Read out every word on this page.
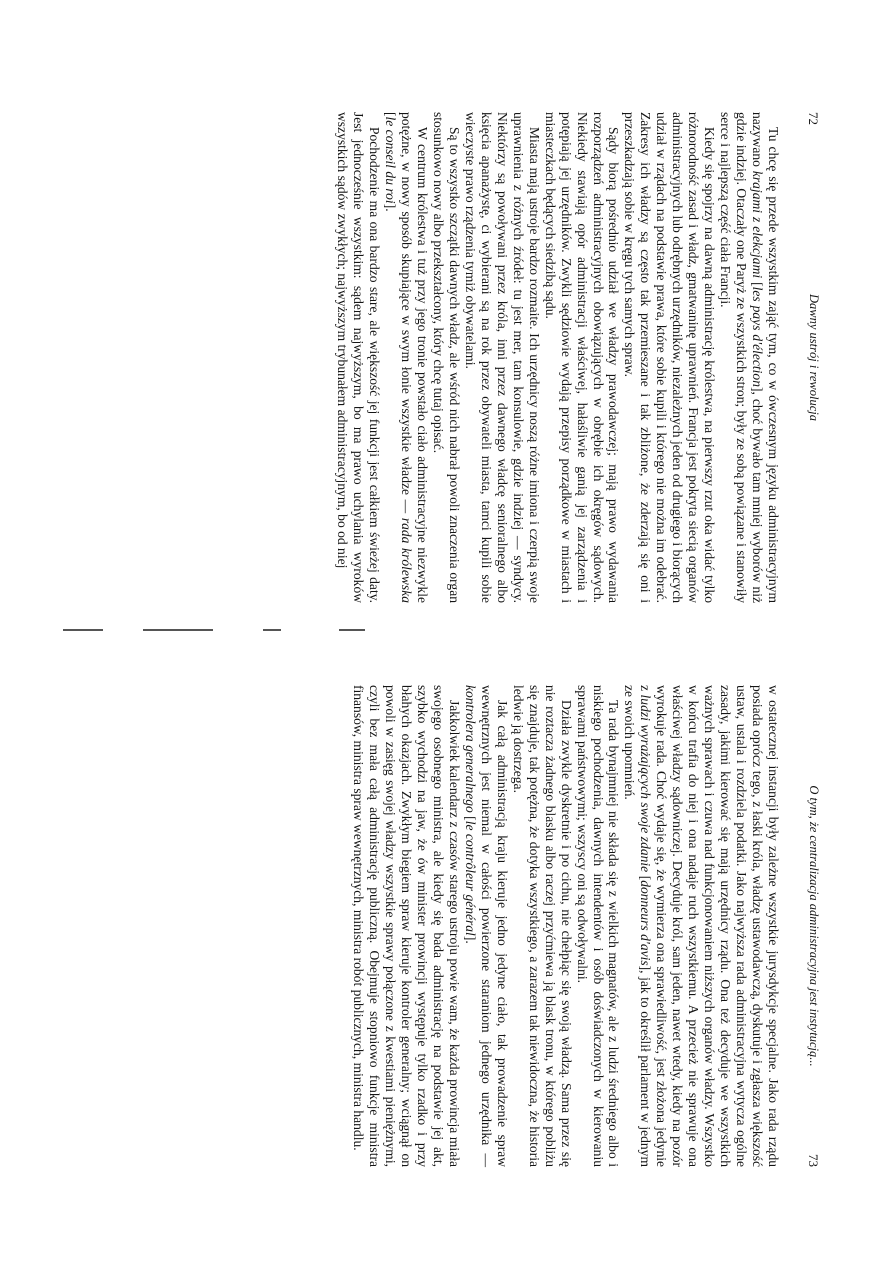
72
Dawny ustrój i rewolucja

Tu chcę się przede wszystkim zająć tym, co w ówczesnym języku administracyjnym nazywano krajami z elekcjami [les pays d'élection], choć bywało tam mniej wyborów niż gdzie indziej. Otaczały one Paryż ze wszystkich stron; były ze sobą powiązane i stanowiły serce i najlepszą część ciała Francji.

Kiedy się spojrzy na dawną administrację królestwa, na pierwszy rzut oka widać tylko różnorodność zasad i władz, gmatwaninę uprawnień. Francja jest pokryta siecią organów administracyjnych lub odrębnych urzędników, niezależnych jeden od drugiego i biorących udział w rządach na podstawie prawa, które sobie kupili i którego nie można im odebrać. Zakresy ich władzy są często tak przemieszane i tak zbliżone, że zderzają się oni i przeszkadzają sobie w kręgu tych samych spraw.

Sądy biorą pośrednio udział we władzy prawodawczej; mają prawo wydawania rozporządzeń administracyjnych obowiązujących w obrębie ich okręgów sądowych. Niekiedy stawiają opór administracji właściwej, hałaśliwie ganią jej zarządzenia i potępiają jej urzędników. Zwykli sędziowie wydają przepisy porządkowe w miastach i miasteczkach będących siedzibą sądu.

Miasta mają ustroje bardzo rozmaite. Ich urzędnicy noszą różne imiona i czerpią swoje uprawnienia z różnych źródeł: tu jest mer, tam konsulowie, gdzie indziej — syndycy. Niektórzy są powoływani przez króla, inni przez dawnego władcę senioralnego albo księcia apanażystę, ci wybierani są na rok przez obywateli miasta, tamci kupili sobie wieczyste prawo rządzenia tymiż obywatelami.

Są to wszystko szczątki dawnych władz, ale wśród nich nabrał powoli znaczenia organ stosunkowo nowy albo przekształcony, który chcę tutaj opisać.

W centrum królestwa i tuż przy jego tronie powstało ciało administracyjne niezwykle potężne, w nowy sposób skupiające w swym łonie wszystkie władze — rada królewska [le conseil du roi].

Pochodzenie ma ona bardzo stare, ale większość jej funkcji jest całkiem świeżej daty. Jest jednocześnie wszystkim: sądem najwyższym, bo ma prawo uchylania wyroków wszystkich sądów zwykłych; najwyższym trybunałem administracyjnym, bo od niej

O tym, że centralizacja administracyjna jest instytucją...
73

w ostatecznej instancji były zależne wszystkie jurysdykcje specjalne. Jako rada rządu posiada oprócz tego, z łaski króla, władzę ustawodawczą, dyskutuje i zgłasza większość ustaw, ustala i rozdziela podatki. Jako najwyższa rada administracyjna wytycza ogólne zasady, jakimi kierować się mają urzędnicy rządu. Ona też decyduje we wszystkich ważnych sprawach i czuwa nad funkcjonowaniem niższych organów władzy. Wszystko w końcu trafia do niej i ona nadaje ruch wszystkiemu. A przecież nie sprawuje ona właściwej władzy sądowniczej. Decyduje król, sam jeden, nawet wtedy, kiedy na pozór wyrokuje rada. Choć wydaje się, że wymierza ona sprawiedliwość, jest złożona jedynie z ludzi wyrażających swoje zdanie [donneurs d'avis], jak to określił parlament w jednym ze swoich upomnień.

Ta rada bynajmniej nie składa się z wielkich magnatów, ale z ludzi średniego albo i niskiego pochodzenia, dawnych intendentów i osób doświadczonych w kierowaniu sprawami państwowymi; wszyscy oni są odwoływalni.

Działa zwykle dyskretnie i po cichu, nie chełpiąc się swoją władzą. Sama przez się nie roztacza żadnego blasku albo raczej przyćmiewa ją blask tronu, w którego pobliżu się znajduje, tak potężna, że dotyka wszystkiego, a zarazem tak niewidoczna, że historia ledwie ją dostrzega.

Jak całą administracją kraju kieruje jedno jedyne ciało, tak prowadzenie spraw wewnętrznych jest niemal w całości powierzone staraniom jednego urzędnika — kontrolera generalnego [le contrôleur général].

Jakkolwiek kalendarz z czasów starego ustroju powie wam, że każda prowincja miała swojego osobnego ministra, ale kiedy się bada administrację na podstawie jej akt, szybko wychodzi na jaw, że ów minister prowincji występuje tylko rzadko i przy błahych okazjach. Zwykłym biegiem spraw kieruje kontroler generalny; wciągnął on powoli w zasięg swojej władzy wszystkie sprawy połączone z kwestiami pieniężnymi, czyli bez mała całą administrację publiczną. Obejmuje stopniowo funkcje ministra finansów, ministra spraw wewnętrznych, ministra robót publicznych, ministra handlu.
